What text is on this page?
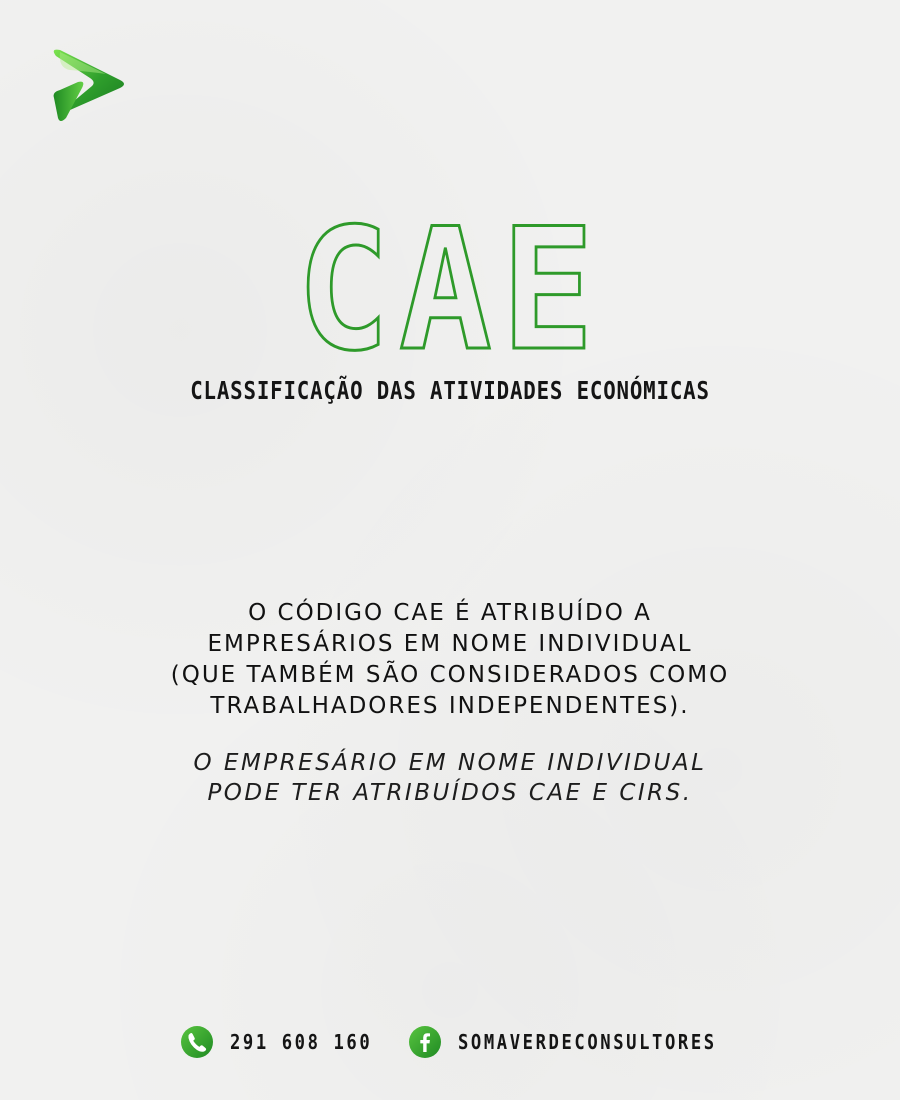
CAE
CLASSIFICAÇÃO DAS ATIVIDADES ECONÓMICAS
O CÓDIGO CAE É ATRIBUÍDO A
EMPRESÁRIOS EM NOME INDIVIDUAL
(QUE TAMBÉM SÃO CONSIDERADOS COMO
TRABALHADORES INDEPENDENTES).
O EMPRESÁRIO EM NOME INDIVIDUAL
PODE TER ATRIBUÍDOS CAE E CIRS.
291 608 160	SOMAVERDECONSULTORES
